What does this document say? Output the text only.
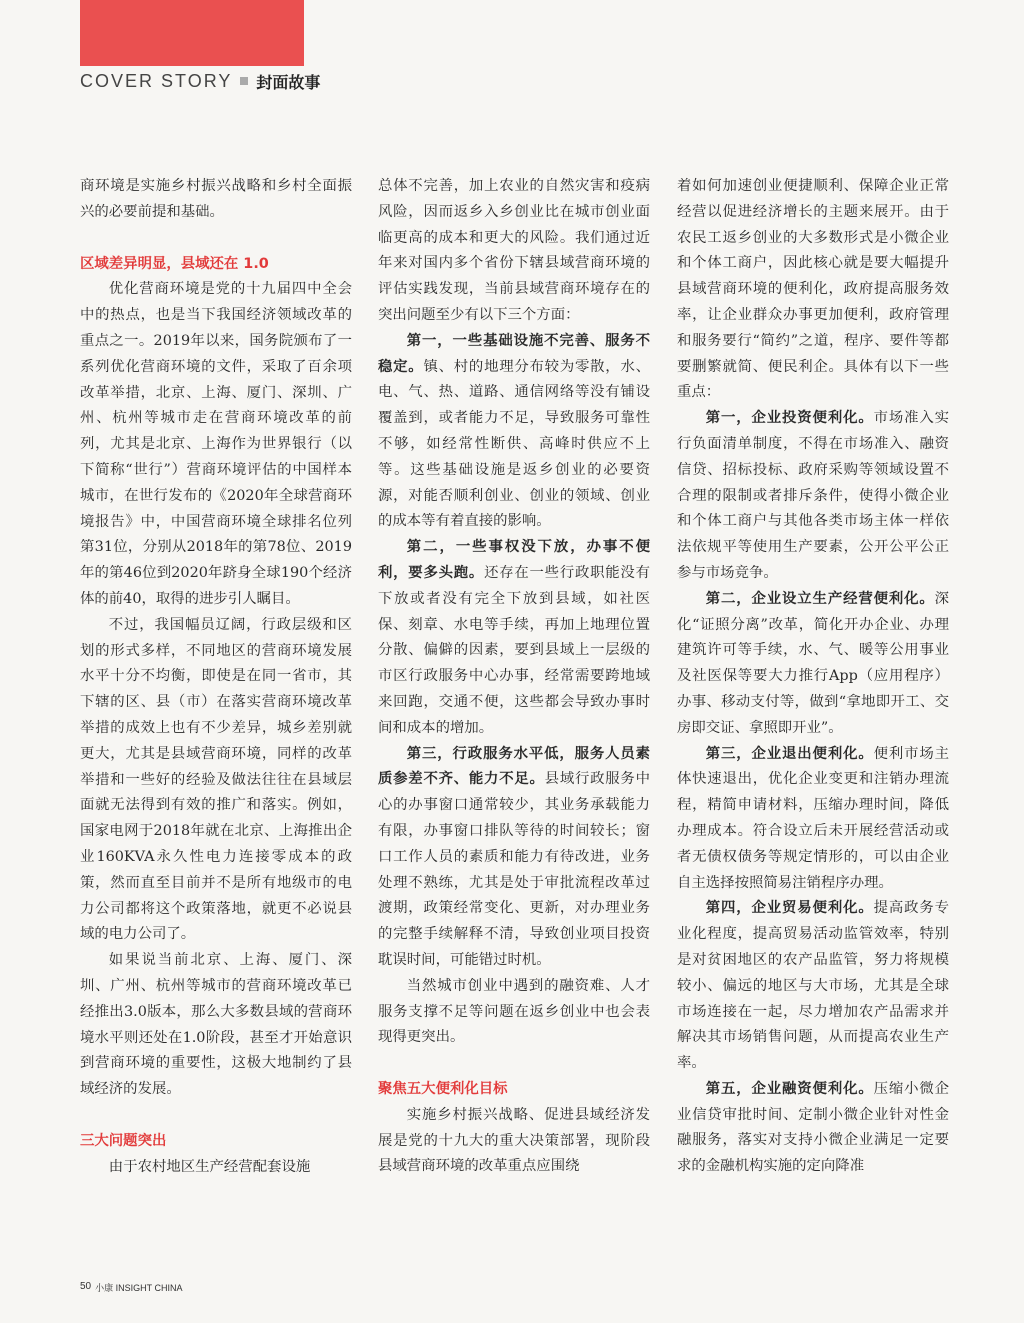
COVER STORY 封面故事

商环境是实施乡村振兴战略和乡村全面振兴的必要前提和基础。

区域差异明显，县域还在 1.0

优化营商环境是党的十九届四中全会中的热点，也是当下我国经济领域改革的重点之一。2019年以来，国务院颁布了一系列优化营商环境的文件，采取了百余项改革举措，北京、上海、厦门、深圳、广州、杭州等城市走在营商环境改革的前列，尤其是北京、上海作为世界银行（以下简称“世行”）营商环境评估的中国样本城市，在世行发布的《2020年全球营商环境报告》中，中国营商环境全球排名位列第31位，分别从2018年的第78位、2019年的第46位到2020年跻身全球190个经济体的前40，取得的进步引人瞩目。

不过，我国幅员辽阔，行政层级和区划的形式多样，不同地区的营商环境发展水平十分不均衡，即使是在同一省市，其下辖的区、县（市）在落实营商环境改革举措的成效上也有不少差异，城乡差别就更大，尤其是县域营商环境，同样的改革举措和一些好的经验及做法往往在县域层面就无法得到有效的推广和落实。例如，国家电网于2018年就在北京、上海推出企业160KVA永久性电力连接零成本的政策，然而直至目前并不是所有地级市的电力公司都将这个政策落地，就更不必说县域的电力公司了。

如果说当前北京、上海、厦门、深圳、广州、杭州等城市的营商环境改革已经推出3.0版本，那么大多数县域的营商环境水平则还处在1.0阶段，甚至才开始意识到营商环境的重要性，这极大地制约了县域经济的发展。

三大问题突出

由于农村地区生产经营配套设施

总体不完善，加上农业的自然灾害和疫病风险，因而返乡入乡创业比在城市创业面临更高的成本和更大的风险。我们通过近年来对国内多个省份下辖县域营商环境的评估实践发现，当前县域营商环境存在的突出问题至少有以下三个方面：

第一，一些基础设施不完善、服务不稳定。镇、村的地理分布较为零散，水、电、气、热、道路、通信网络等没有铺设覆盖到，或者能力不足，导致服务可靠性不够，如经常性断供、高峰时供应不上等。这些基础设施是返乡创业的必要资源，对能否顺利创业、创业的领域、创业的成本等有着直接的影响。

第二，一些事权没下放，办事不便利，要多头跑。还存在一些行政职能没有下放或者没有完全下放到县域，如社医保、刻章、水电等手续，再加上地理位置分散、偏僻的因素，要到县域上一层级的市区行政服务中心办事，经常需要跨地域来回跑，交通不便，这些都会导致办事时间和成本的增加。

第三，行政服务水平低，服务人员素质参差不齐、能力不足。县域行政服务中心的办事窗口通常较少，其业务承载能力有限，办事窗口排队等待的时间较长；窗口工作人员的素质和能力有待改进，业务处理不熟练，尤其是处于审批流程改革过渡期，政策经常变化、更新，对办理业务的完整手续解释不清，导致创业项目投资耽误时间，可能错过时机。

当然城市创业中遇到的融资难、人才服务支撑不足等问题在返乡创业中也会表现得更突出。

聚焦五大便利化目标

实施乡村振兴战略、促进县域经济发展是党的十九大的重大决策部署，现阶段县域营商环境的改革重点应围绕

着如何加速创业便捷顺利、保障企业正常经营以促进经济增长的主题来展开。由于农民工返乡创业的大多数形式是小微企业和个体工商户，因此核心就是要大幅提升县域营商环境的便利化，政府提高服务效率，让企业群众办事更加便利，政府管理和服务要行“简约”之道，程序、要件等都要删繁就简、便民利企。具体有以下一些重点：

第一，企业投资便利化。市场准入实行负面清单制度，不得在市场准入、融资信贷、招标投标、政府采购等领域设置不合理的限制或者排斥条件，使得小微企业和个体工商户与其他各类市场主体一样依法依规平等使用生产要素，公开公平公正参与市场竞争。

第二，企业设立生产经营便利化。深化“证照分离”改革，简化开办企业、办理建筑许可等手续，水、气、暖等公用事业及社医保等要大力推行App（应用程序）办事、移动支付等，做到“拿地即开工、交房即交证、拿照即开业”。

第三，企业退出便利化。便利市场主体快速退出，优化企业变更和注销办理流程，精简申请材料，压缩办理时间，降低办理成本。符合设立后未开展经营活动或者无债权债务等规定情形的，可以由企业自主选择按照简易注销程序办理。

第四，企业贸易便利化。提高政务专业化程度，提高贸易活动监管效率，特别是对贫困地区的农产品监管，努力将规模较小、偏远的地区与大市场，尤其是全球市场连接在一起，尽力增加农产品需求并解决其市场销售问题，从而提高农业生产率。

第五，企业融资便利化。压缩小微企业信贷审批时间、定制小微企业针对性金融服务，落实对支持小微企业满足一定要求的金融机构实施的定向降准

50 小康 INSIGHT CHINA
